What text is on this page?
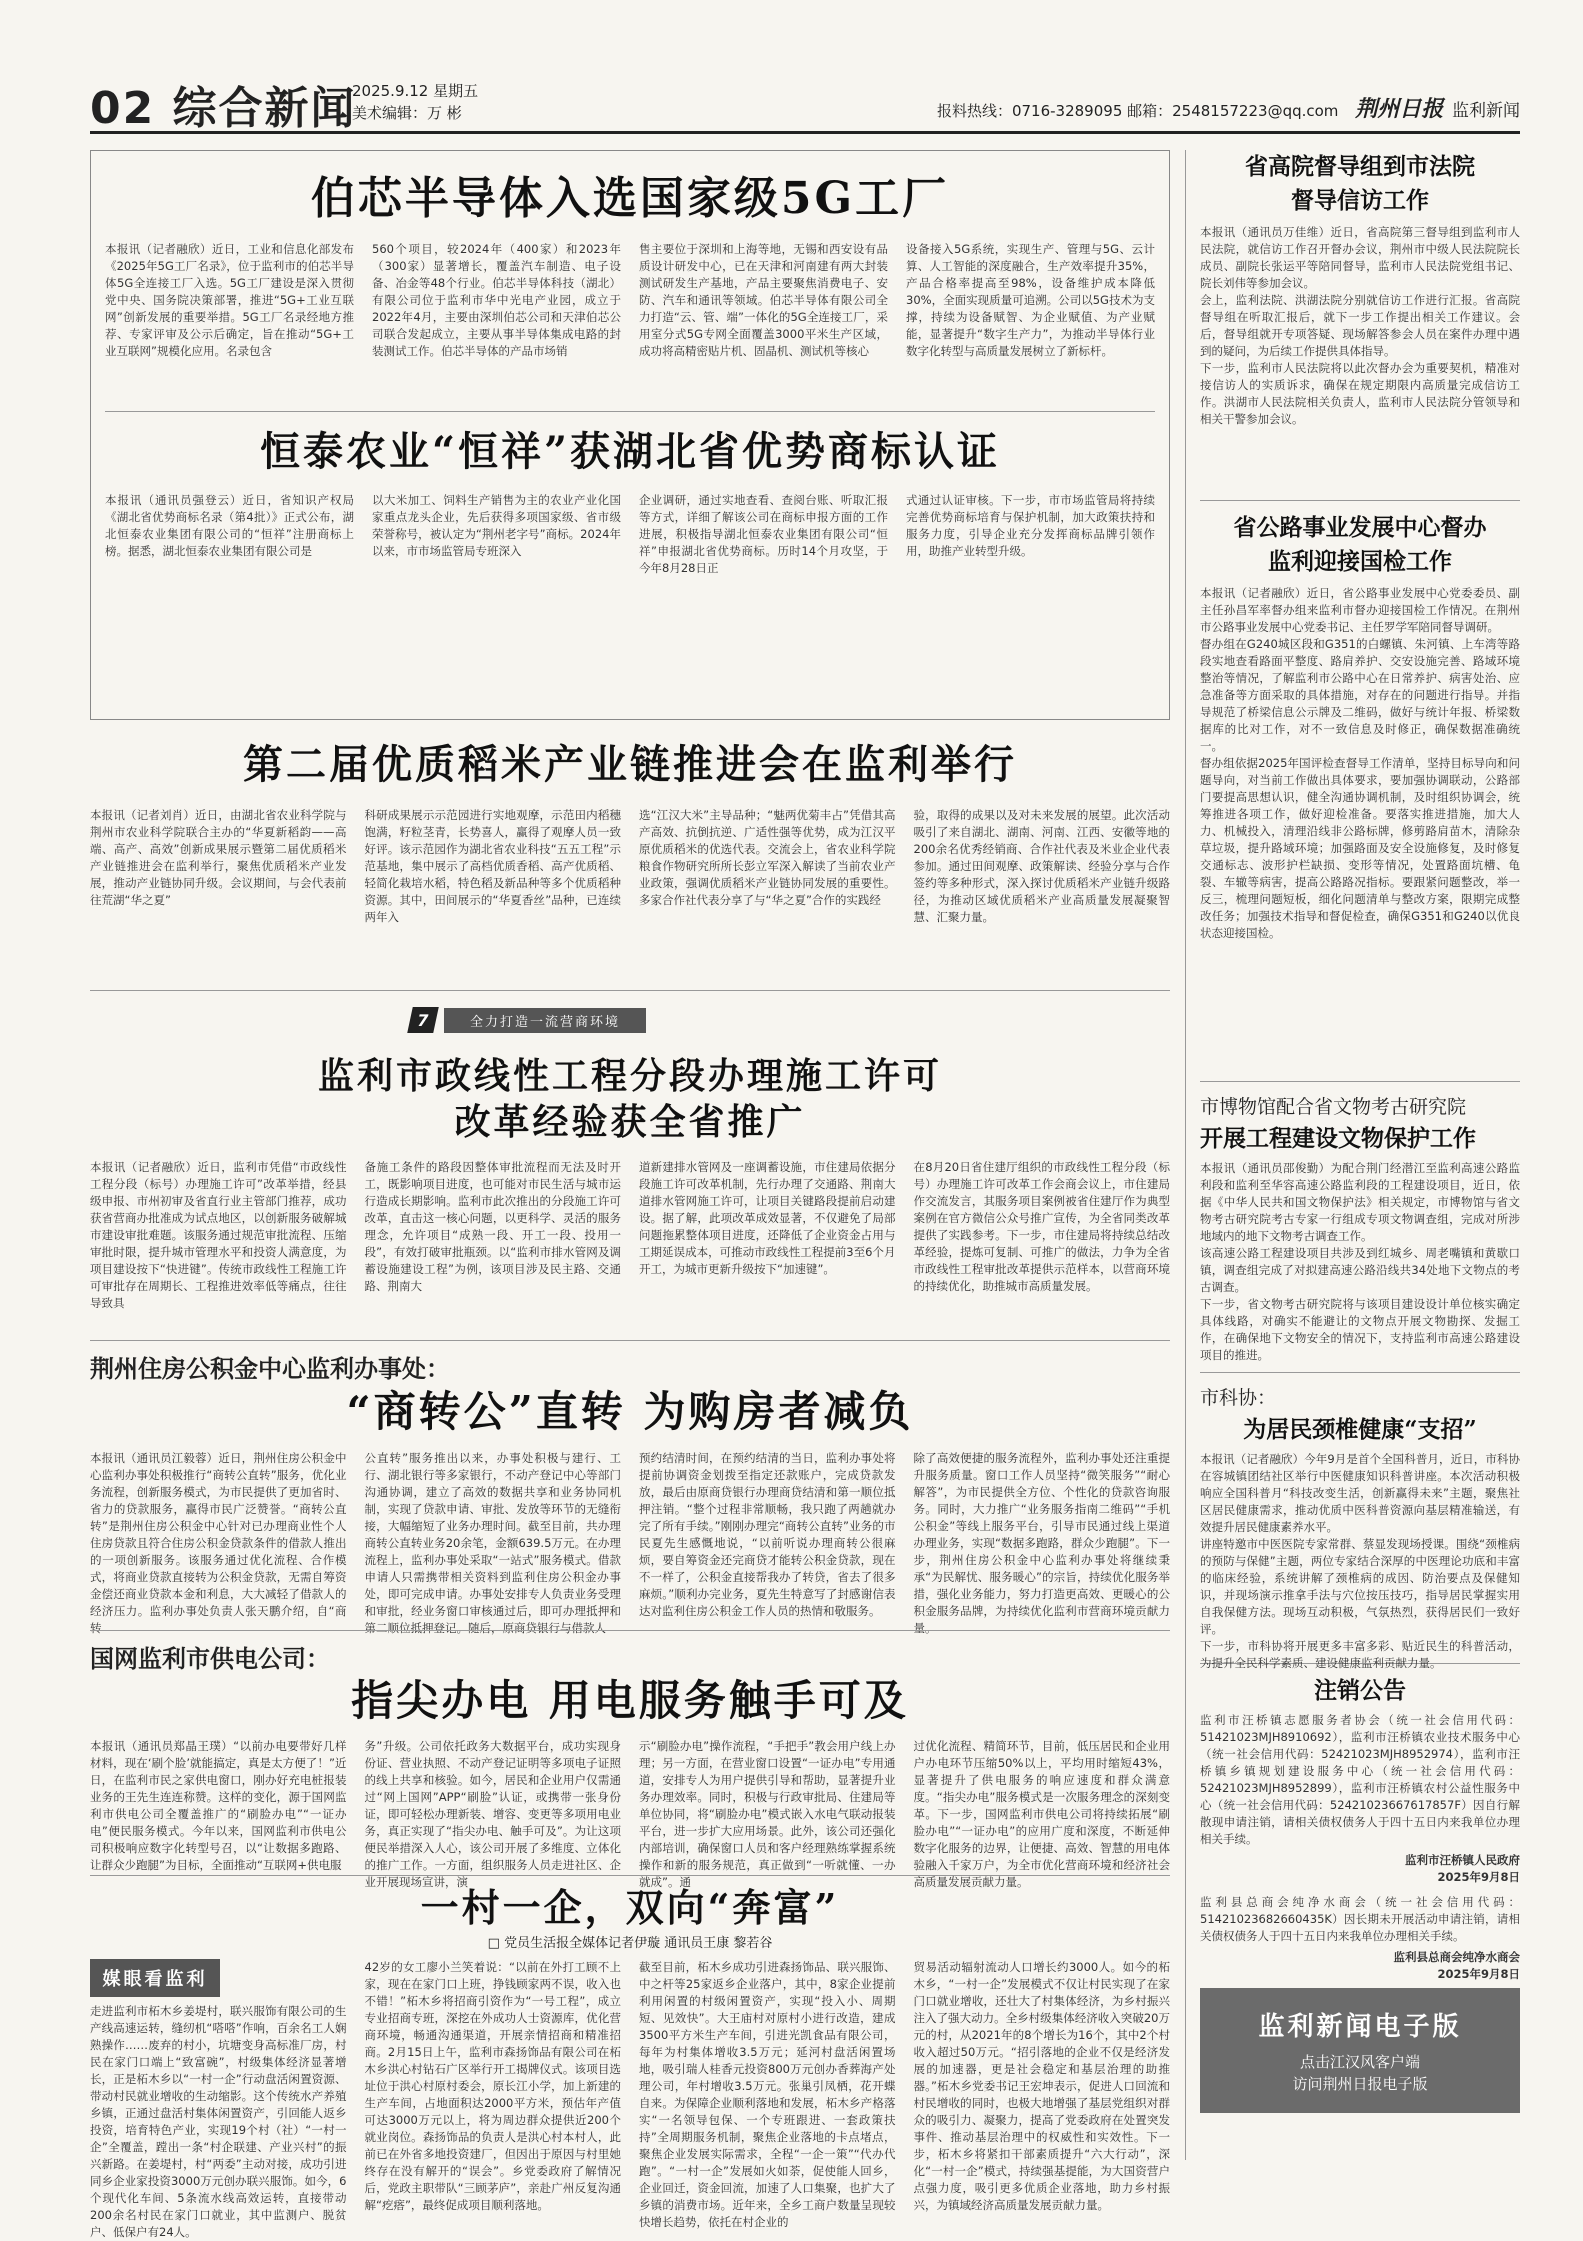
02 综合新闻
2025.9.12 星期五
美术编辑：万 彬	报料热线：0716-3289095 邮箱：2548157223@qq.com 荆州日报 监利新闻
伯芯半导体入选国家级5G工厂
本报讯（记者融欣）近日，工业和信息化部发布《2025年5G工厂名录》，位于监利市的伯芯半导体5G全连接工厂入选。5G工厂建设是深入贯彻党中央、国务院决策部署，推进“5G+工业互联网”创新发展的重要举措。5G工厂名录经地方推荐、专家评审及公示后确定，旨在推动“5G+工业互联网”规模化应用。名录包含
560个项目，较2024年（400家）和2023年（300家）显著增长，覆盖汽车制造、电子设备、冶金等48个行业。伯芯半导体科技（湖北）有限公司位于监利市华中光电产业园，成立于2022年4月，主要由深圳伯芯公司和天津伯芯公司联合发起成立，主要从事半导体集成电路的封装测试工作。伯芯半导体的产品市场销
售主要位于深圳和上海等地，无锡和西安设有品质设计研发中心，已在天津和河南建有两大封装测试研发生产基地，产品主要聚焦消费电子、安防、汽车和通讯等领域。伯芯半导体有限公司全力打造“云、管、端”一体化的5G全连接工厂，采用室分式5G专网全面覆盖3000平米生产区域，成功将高精密贴片机、固晶机、测试机等核心
设备接入5G系统，实现生产、管理与5G、云计算、人工智能的深度融合，生产效率提升35%，产品合格率提高至98%，设备维护成本降低30%，全面实现质量可追溯。公司以5G技术为支撑，持续为设备赋智、为企业赋值、为产业赋能，显著提升“数字生产力”，为推动半导体行业数字化转型与高质量发展树立了新标杆。
恒泰农业“恒祥”获湖北省优势商标认证
本报讯（通讯员强登云）近日，省知识产权局《湖北省优势商标名录（第4批）》正式公布，湖北恒泰农业集团有限公司的“恒祥”注册商标上榜。据悉，湖北恒泰农业集团有限公司是
以大米加工、饲料生产销售为主的农业产业化国家重点龙头企业，先后获得多项国家级、省市级荣誉称号，被认定为“荆州老字号”商标。2024年以来，市市场监管局专班深入
企业调研，通过实地查看、查阅台账、听取汇报等方式，详细了解该公司在商标申报方面的工作进展，积极指导湖北恒泰农业集团有限公司“恒祥”申报湖北省优势商标。历时14个月攻坚，于今年8月28日正
式通过认证审核。下一步，市市场监管局将持续完善优势商标培育与保护机制，加大政策扶持和服务力度，引导企业充分发挥商标品牌引领作用，助推产业转型升级。
第二届优质稻米产业链推进会在监利举行
本报讯（记者刘肖）近日，由湖北省农业科学院与荆州市农业科学院联合主办的“华夏新稻韵——高端、高产、高效”创新成果展示暨第二届优质稻米产业链推进会在监利举行，聚焦优质稻米产业发展，推动产业链协同升级。会议期间，与会代表前往荒湖“华之夏”
科研成果展示示范园进行实地观摩，示范田内稻穗饱满，籽粒茎青，长势喜人，赢得了观摩人员一致好评。该示范园作为湖北省农业科技“五五工程”示范基地，集中展示了高档优质香稻、高产优质稻、轻简化栽培水稻，特色稻及新品种等多个优质稻种资源。其中，田间展示的“华夏香丝”品种，已连续两年入
选“江汉大米”主导品种；“魅两优菊丰占”凭借其高产高效、抗倒抗逆、广适性强等优势，成为江汉平原优质稻米的优选代表。交流会上，省农业科学院粮食作物研究所所长彭立军深入解读了当前农业产业政策，强调优质稻米产业链协同发展的重要性。多家合作社代表分享了与“华之夏”合作的实践经
验，取得的成果以及对未来发展的展望。此次活动吸引了来自湖北、湖南、河南、江西、安徽等地的200余名优秀经销商、合作社代表及米业企业代表参加。通过田间观摩、政策解读、经验分享与合作签约等多种形式，深入探讨优质稻米产业链升级路径，为推动区域优质稻米产业高质量发展凝聚智慧、汇聚力量。
7	全力打造一流营商环境
监利市政线性工程分段办理施工许可
改革经验获全省推广
本报讯（记者融欣）近日，监利市凭借“市政线性工程分段（标号）办理施工许可”改革举措，经县级申报、市州初审及省直行业主管部门推荐，成功获省营商办批准成为试点地区，以创新服务破解城市建设审批难题。该服务通过规范审批流程、压缩审批时限，提升城市管理水平和投资人满意度，为项目建设按下“快进键”。传统市政线性工程施工许可审批存在周期长、工程推进效率低等痛点，往往导致具
备施工条件的路段因整体审批流程而无法及时开工，既影响项目进度，也可能对市民生活与城市运行造成长期影响。监利市此次推出的分段施工许可改革，直击这一核心问题，以更科学、灵活的服务理念，允许项目“成熟一段、开工一段、投用一段”，有效打破审批瓶颈。以“监利市排水管网及调蓄设施建设工程”为例，该项目涉及民主路、交通路、荆南大
道新建排水管网及一座调蓄设施，市住建局依据分段施工许可改革机制，先行办理了交通路、荆南大道排水管网施工许可，让项目关键路段提前启动建设。据了解，此项改革成效显著，不仅避免了局部问题拖累整体项目进度，还降低了企业资金占用与工期延误成本，可推动市政线性工程提前3至6个月开工，为城市更新升级按下“加速键”。
在8月20日省住建厅组织的市政线性工程分段（标号）办理施工许可改革工作会商会议上，市住建局作交流发言，其服务项目案例被省住建厅作为典型案例在官方微信公众号推广宣传，为全省同类改革提供了实践参考。下一步，市住建局将持续总结改革经验，提炼可复制、可推广的做法，力争为全省市政线性工程审批改革提供示范样本，以营商环境的持续优化，助推城市高质量发展。
荆州住房公积金中心监利办事处：
“商转公”直转 为购房者减负
本报讯（通讯员江毅蓉）近日，荆州住房公积金中心监利办事处积极推行“商转公直转”服务，优化业务流程，创新服务模式，为市民提供了更加省时、省力的贷款服务，赢得市民广泛赞誉。“商转公直转”是荆州住房公积金中心针对已办理商业性个人住房贷款且符合住房公积金贷款条件的借款人推出的一项创新服务。该服务通过优化流程、合作模式，将商业贷款直接转为公积金贷款，无需自筹资金偿还商业贷款本金和利息，大大减轻了借款人的经济压力。监利办事处负责人张天鹏介绍，自“商转
公直转”服务推出以来，办事处积极与建行、工行、湖北银行等多家银行，不动产登记中心等部门沟通协调，建立了高效的数据共享和业务协同机制，实现了贷款申请、审批、发放等环节的无缝衔接，大幅缩短了业务办理时间。截至目前，共办理商转公直转业务20余笔，金额639.5万元。在办理流程上，监利办事处采取“一站式”服务模式。借款申请人只需携带相关资料到监利住房公积金办事处，即可完成申请。办事处安排专人负责业务受理和审批，经业务窗口审核通过后，即可办理抵押和第二顺位抵押登记。随后，原商贷银行与借款人
预约结清时间，在预约结清的当日，监利办事处将提前协调资金划拨至指定还款账户，完成贷款发放，最后由原商贷银行办理商贷结清和第一顺位抵押注销。“整个过程非常顺畅，我只跑了两趟就办完了所有手续。”刚刚办理完“商转公直转”业务的市民夏先生感慨地说，“以前听说办理商转公很麻烦，要自筹资金还完商贷才能转公积金贷款，现在不一样了，公积金直接帮我办了转贷，省去了很多麻烦。”顺利办完业务，夏先生特意写了封感谢信表达对监利住房公积金工作人员的热情和敬服务。
除了高效便捷的服务流程外，监利办事处还注重提升服务质量。窗口工作人员坚持“微笑服务”“耐心解答”，为市民提供全方位、个性化的贷款咨询服务。同时，大力推广“业务服务指南二维码”“手机公积金”等线上服务平台，引导市民通过线上渠道办理业务，实现“数据多跑路，群众少跑腿”。下一步，荆州住房公积金中心监利办事处将继续秉承“为民解忧、服务暖心”的宗旨，持续优化服务举措，强化业务能力，努力打造更高效、更暖心的公积金服务品牌，为持续优化监利市营商环境贡献力量。
国网监利市供电公司：
指尖办电 用电服务触手可及
本报讯（通讯员郑晶王璞）“以前办电要带好几样材料，现在‘刷个脸’就能搞定，真是太方便了！”近日，在监利市民之家供电窗口，刚办好充电桩报装业务的王先生连连称赞。这样的变化，源于国网监利市供电公司全覆盖推广的“刷脸办电”“一证办电”便民服务模式。今年以来，国网监利市供电公司积极响应数字化转型号召，以“让数据多跑路、让群众少跑腿”为目标，全面推动“互联网+供电服
务”升级。公司依托政务大数据平台，成功实现身份证、营业执照、不动产登记证明等多项电子证照的线上共享和核验。如今，居民和企业用户仅需通过“网上国网”APP“刷脸”认证，或携带一张身份证，即可轻松办理新装、增容、变更等多项用电业务，真正实现了“指尖办电、触手可及”。为让这项便民举措深入人心，该公司开展了多维度、立体化的推广工作。一方面，组织服务人员走进社区、企业开展现场宣讲，演
示“刷脸办电”操作流程，“手把手”教会用户线上办理；另一方面，在营业窗口设置“一证办电”专用通道，安排专人为用户提供引导和帮助，显著提升业务办理效率。同时，积极与行政审批局、住建局等单位协同，将“刷脸办电”模式嵌入水电气联动报装平台，进一步扩大应用场景。此外，该公司还强化内部培训，确保窗口人员和客户经理熟练掌握系统操作和新的服务规范，真正做到“一听就懂、一办就成”。通
过优化流程、精简环节，目前，低压居民和企业用户办电环节压缩50%以上，平均用时缩短43%，显著提升了供电服务的响应速度和群众满意度。“指尖办电”服务模式是一次服务理念的深刻变革。下一步，国网监利市供电公司将持续拓展“刷脸办电”“一证办电”的应用广度和深度，不断延伸数字化服务的边界，让便捷、高效、智慧的用电体验融入千家万户，为全市优化营商环境和经济社会高质量发展贡献力量。
一村一企，双向“奔富”
□ 党员生活报全媒体记者伊璇 通讯员王康 黎若谷
媒眼看监利
走进监利市柘木乡姜堤村，联兴服饰有限公司的生产线高速运转，缝纫机“嗒嗒”作响，百余名工人娴熟操作……废弃的村小，坑塘变身高标准厂房，村民在家门口端上“致富碗”，村级集体经济显著增长，正是柘木乡以“一村一企”行动盘活闲置资源、带动村民就业增收的生动缩影。这个传统水产养殖乡镇，正通过盘活村集体闲置资产，引回能人返乡投资，培育特色产业，实现19个村（社）“一村一企”全覆盖，蹚出一条“村企联建、产业兴村”的振兴新路。在姜堤村，村“两委”主动对接，成功引进同乡企业家投资3000万元创办联兴服饰。如今，6个现代化车间、5条流水线高效运转，直接带动200余名村民在家门口就业，其中监测户、脱贫户、低保户有24人。
42岁的女工廖小兰笑着说：“以前在外打工顾不上家，现在在家门口上班，挣钱顾家两不误，收入也不错！”柘木乡将招商引资作为“一号工程”，成立专业招商专班，深挖在外成功人士资源库，优化营商环境，畅通沟通渠道，开展亲情招商和精准招商。2月15日上午，监利市森扬饰品有限公司在柘木乡洪心村钻石广区举行开工揭牌仪式。该项目选址位于洪心村原村委会，原长江小学，加上新建的生产车间，占地面积达2000平方米，预估年产值可达3000万元以上，将为周边群众提供近200个就业岗位。森扬饰品的负责人是洪心村本村人，此前已在外省多地投资建厂，但因出于原因与村里她终存在没有解开的“误会”。乡党委政府了解情况后，党政主职带队“三顾茅庐”，亲赴广州反复沟通解“疙瘩”，最终促成项目顺利落地。
截至目前，柘木乡成功引进森扬饰品、联兴服饰、中之杆等25家返乡企业落户，其中，8家企业提前利用闲置的村级闲置资产，实现“投入小、周期短、见效快”。大王庙村对原村小进行改造，建成3500平方米生产车间，引进光凯食品有限公司，每年为村集体增收3.5万元；延河村盘活闲置场地，吸引瑞人桂香元投资800万元创办香葬海产处理公司，年村增收3.5万元。张巢引凤栖，花开蝶自来。为保障企业顺利落地和发展，柘木乡产格落实“一名领导包保、一个专班跟进、一套政策扶持”全周期服务机制，聚焦企业落地的卡点堵点，聚焦企业发展实际需求，全程“一企一策”“代办代跑”。“一村一企”发展如火如荼，促使能人回乡，企业回迁，资金回流，加速了人口集聚，也扩大了乡镇的消费市场。近年来，全乡工商户数量呈现较快增长趋势，依托在村企业的
贸易活动辐射流动人口增长约3000人。如今的柘木乡，“一村一企”发展模式不仅让村民实现了在家门口就业增收，还壮大了村集体经济，为乡村振兴注入了强大动力。全乡村级集体经济收入突破20万元的村，从2021年的8个增长为16个，其中2个村收入超过50万元。“招引落地的企业不仅是经济发展的加速器，更是社会稳定和基层治理的助推器。”柘木乡党委书记王宏坤表示，促进人口回流和村民增收的同时，也极大地增强了基层党组织对群众的吸引力、凝聚力，提高了党委政府在处置突发事件、推动基层治理中的权威性和实效性。下一步，柘木乡将紧扣干部素质提升“六大行动”，深化“一村一企”模式，持续强基提能，为大国资营户点强力度，吸引更多优质企业落地，助力乡村振兴，为镇域经济高质量发展贡献力量。
省高院督导组到市法院
督导信访工作

本报讯（通讯员万佳维）近日，省高院第三督导组到监利市人民法院，就信访工作召开督办会议，荆州市中级人民法院院长成员、副院长张运平等陪同督导，监利市人民法院党组书记、院长刘伟等参加会议。

会上，监利法院、洪湖法院分别就信访工作进行汇报。省高院督导组在听取汇报后，就下一步工作提出相关工作建议。会后，督导组就开专项答疑、现场解答参会人员在案件办理中遇到的疑问，为后续工作提供具体指导。

下一步，监利市人民法院将以此次督办会为重要契机，精准对接信访人的实质诉求，确保在规定期限内高质量完成信访工作。洪湖市人民法院相关负责人，监利市人民法院分管领导和相关干警参加会议。

省公路事业发展中心督办
监利迎接国检工作

本报讯（记者融欣）近日，省公路事业发展中心党委委员、副主任孙昌军率督办组来监利市督办迎接国检工作情况。在荆州市公路事业发展中心党委书记、主任罗学军陪同督导调研。

督办组在G240城区段和G351的白螺镇、朱河镇、上车湾等路段实地查看路面平整度、路肩养护、交安设施完善、路域环境整治等情况，了解监利市公路中心在日常养护、病害处治、应急准备等方面采取的具体措施，对存在的问题进行指导。并指导规范了桥梁信息公示牌及二维码，做好与统计年报、桥梁数据库的比对工作，对不一致信息及时修正，确保数据准确统一。

督办组依据2025年国评检查督导工作清单，坚持目标导向和问题导向，对当前工作做出具体要求，要加强协调联动，公路部门要提高思想认识，健全沟通协调机制，及时组织协调会，统筹推进各项工作，做好迎检准备。要落实推进措施，加大人力、机械投入，清理沿线非公路标牌，修剪路肩苗木，清除杂草垃圾，提升路域环境；加强路面及安全设施修复，及时修复交通标志、波形护栏缺损、变形等情况，处置路面坑槽、龟裂、车辙等病害，提高公路路况指标。要跟紧问题整改，举一反三，梳理问题短板，细化问题清单与整改方案，限期完成整改任务；加强技术指导和督促检查，确保G351和G240以优良状态迎接国检。

市博物馆配合省文物考古研究院
开展工程建设文物保护工作

本报讯（通讯员邵俊勤）为配合荆门经潜江至监利高速公路监利段和监利至华容高速公路监利段的工程建设项目，近日，依据《中华人民共和国文物保护法》相关规定，市博物馆与省文物考古研究院考古专家一行组成专项文物调查组，完成对所涉地域内的地下文物考古调查工作。

该高速公路工程建设项目共涉及到红城乡、周老嘴镇和黄歇口镇，调查组完成了对拟建高速公路沿线共34处地下文物点的考古调查。

下一步，省文物考古研究院将与该项目建设设计单位核实确定具体线路，对确实不能避让的文物点开展文物勘探、发掘工作，在确保地下文物安全的情况下，支持监利市高速公路建设项目的推进。

市科协：
为居民颈椎健康“支招”

本报讯（记者融欣）今年9月是首个全国科普月，近日，市科协在容城镇团结社区举行中医健康知识科普讲座。本次活动积极响应全国科普月“科技改变生活，创新赢得未来”主题，聚焦社区居民健康需求，推动优质中医科普资源向基层精准输送，有效提升居民健康素养水平。

讲座特邀市中医医院专家常群、蔡显发现场授课。围绕“颈椎病的预防与保健”主题，两位专家结合深厚的中医理论功底和丰富的临床经验，系统讲解了颈椎病的成因、防治要点及保健知识，并现场演示推拿手法与穴位按压技巧，指导居民掌握实用自我保健方法。现场互动积极，气氛热烈，获得居民们一致好评。

下一步，市科协将开展更多丰富多彩、贴近民生的科普活动，为提升全民科学素质、建设健康监利贡献力量。

注销公告

监利市汪桥镇志愿服务者协会（统一社会信用代码：51421023MJH8910692），监利市汪桥镇农业技术服务中心（统一社会信用代码：52421023MJH8952974），监利市汪桥镇乡镇规划建设服务中心（统一社会信用代码：52421023MJH8952899），监利市汪桥镇农村公益性服务中心（统一社会信用代码：52421023667617857F）因自行解散现申请注销，请相关债权债务人于四十五日内来我单位办理相关手续。

监利市汪桥镇人民政府

2025年9月8日

监利县总商会纯净水商会（统一社会信用代码：51421023682660435K）因长期未开展活动申请注销，请相关债权债务人于四十五日内来我单位办理相关手续。

监利县总商会纯净水商会

2025年9月8日

监利新闻电子版
点击江汉风客户端
访问荆州日报电子版
